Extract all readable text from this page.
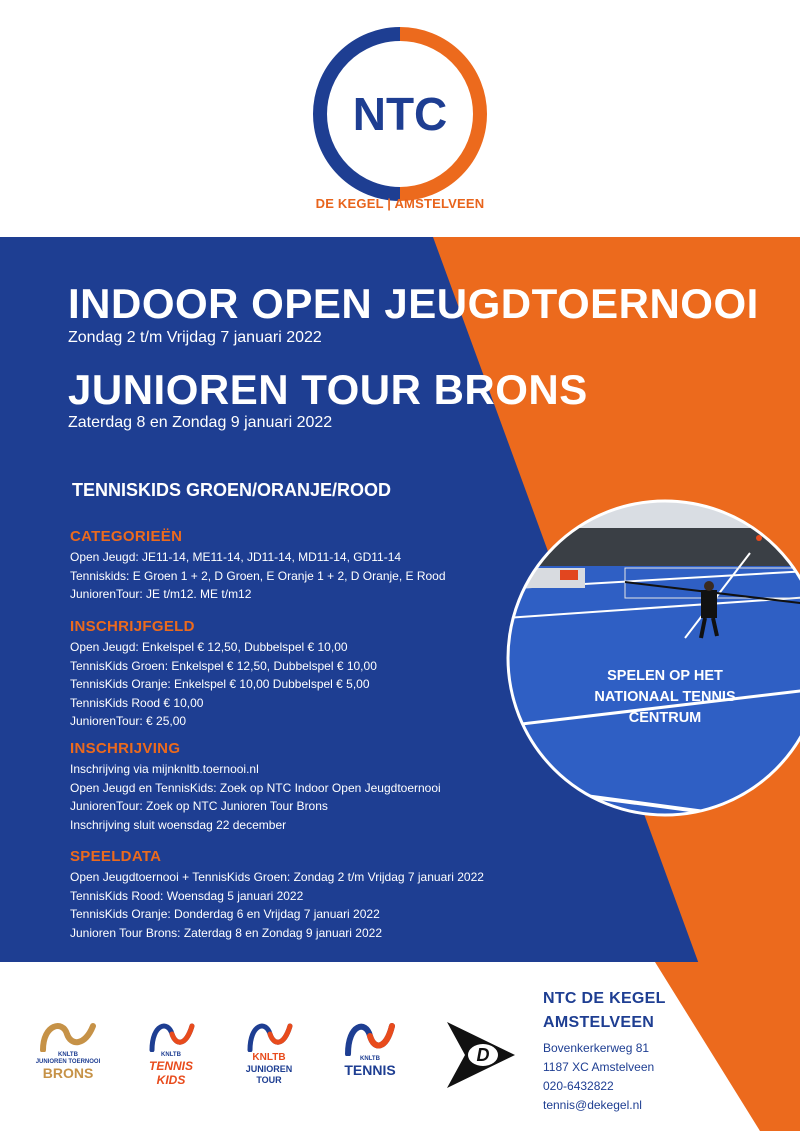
NTC
DE KEGEL | AMSTELVEEN
INDOOR OPEN JEUGDTOERNOOI
Zondag 2 t/m Vrijdag 7 januari 2022
JUNIOREN TOUR BRONS
Zaterdag 8 en Zondag 9 januari 2022
TENNISKIDS GROEN/ORANJE/ROOD
CATEGORIEËN
Open Jeugd: JE11-14, ME11-14, JD11-14, MD11-14, GD11-14
Tenniskids: E Groen 1 + 2, D Groen, E Oranje 1 + 2, D Oranje, E Rood
JuniorenTour: JE t/m12. ME t/m12
INSCHRIJFGELD
Open Jeugd: Enkelspel € 12,50, Dubbelspel € 10,00
TennisKids Groen: Enkelspel € 12,50, Dubbelspel € 10,00
TennisKids Oranje: Enkelspel € 10,00 Dubbelspel € 5,00
TennisKids Rood € 10,00
JuniorenTour: € 25,00
INSCHRIJVING
Inschrijving via mijnknltb.toernooi.nl
Open Jeugd en TennisKids: Zoek op NTC Indoor Open Jeugdtoernooi
JuniorenTour: Zoek op NTC Junioren Tour Brons
Inschrijving sluit woensdag 22 december
SPEELDATA
Open Jeugdtoernooi + TennisKids Groen: Zondag 2 t/m Vrijdag 7 januari 2022
TennisKids Rood: Woensdag 5 januari 2022
TennisKids Oranje: Donderdag 6 en Vrijdag 7 januari 2022
Junioren Tour Brons: Zaterdag 8 en Zondag 9 januari 2022
SPELEN OP HET
NATIONAAL TENNIS
CENTRUM
KNLTB
JUNIOREN TOERNOOI
BRONS
KNLTB
TENNIS
KIDS
KNLTB
JUNIOREN
TOUR
KNLTB
TENNIS
D
NTC DE KEGEL
AMSTELVEEN
Bovenkerkerweg 81
1187 XC Amstelveen
020-6432822
tennis@dekegel.nl
